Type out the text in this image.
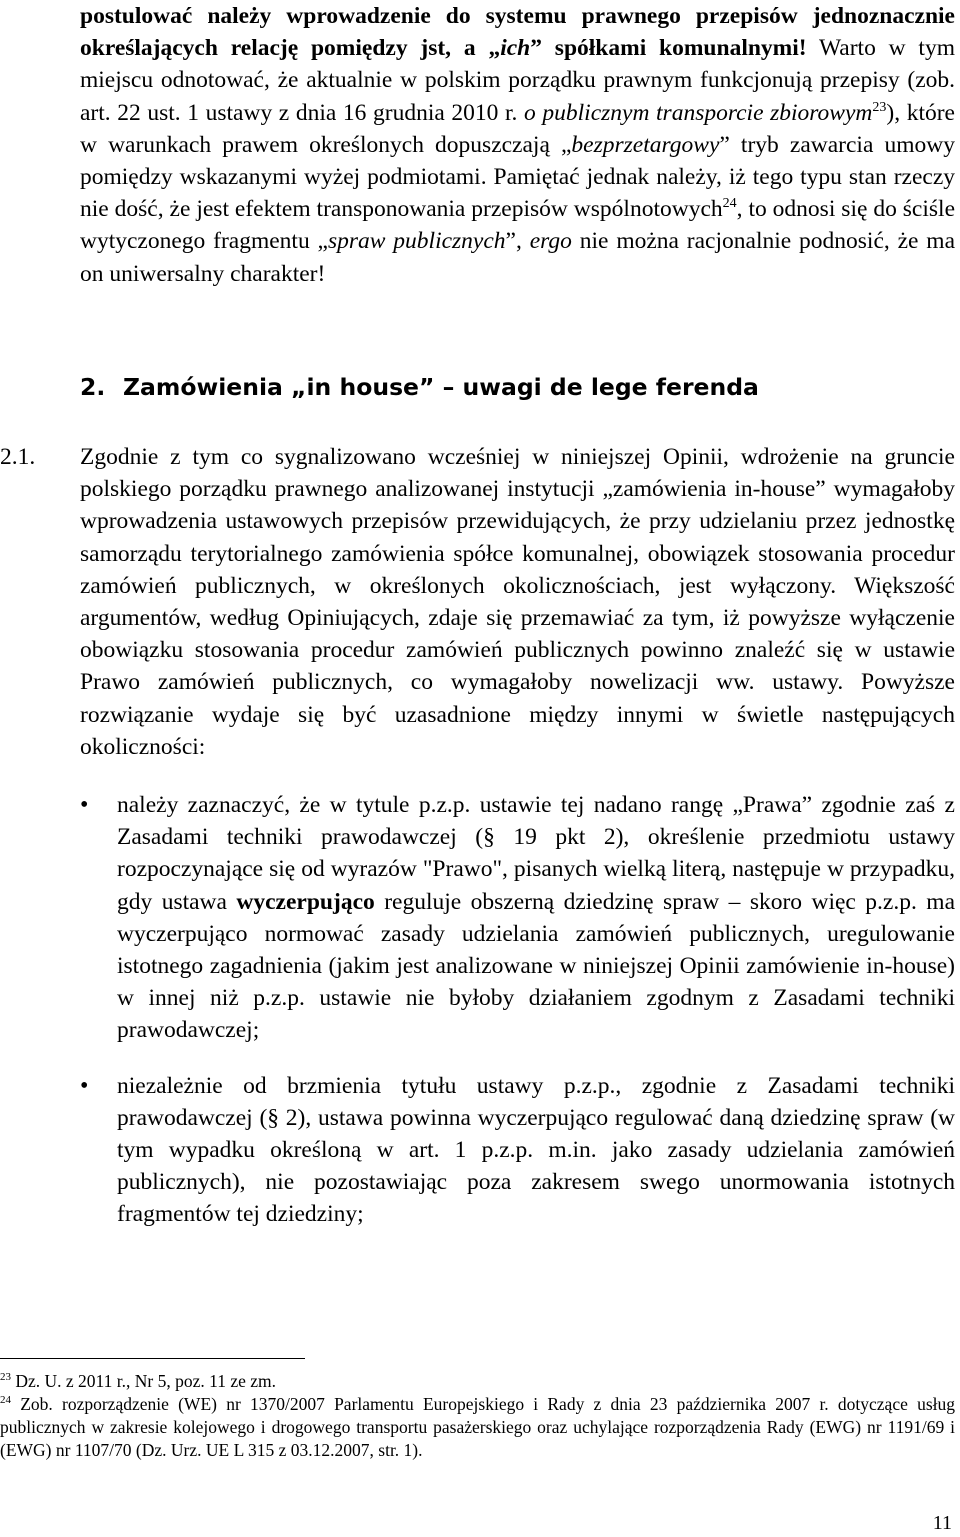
postulować należy wprowadzenie do systemu prawnego przepisów jednoznacznie określających relację pomiędzy jst, a „ich” spółkami komunalnymi! Warto w tym miejscu odnotować, że aktualnie w polskim porządku prawnym funkcjonują przepisy (zob. art. 22 ust. 1 ustawy z dnia 16 grudnia 2010 r. o publicznym transporcie zbiorowym$^{23}$), które w warunkach prawem określonych dopuszczają „bezprzetargowy” tryb zawarcia umowy pomiędzy wskazanymi wyżej podmiotami. Pamiętać jednak należy, iż tego typu stan rzeczy nie dość, że jest efektem transponowania przepisów wspólnotowych$^{24}$, to odnosi się do ściśle wytyczonego fragmentu „spraw publicznych”, ergo nie można racjonalnie podnosić, że ma on uniwersalny charakter!
2. Zamówienia „in house” – uwagi de lege ferenda
2.1. Zgodnie z tym co sygnalizowano wcześniej w niniejszej Opinii, wdrożenie na gruncie polskiego porządku prawnego analizowanej instytucji „zamówienia in-house” wymagałoby wprowadzenia ustawowych przepisów przewidujących, że przy udzielaniu przez jednostkę samorządu terytorialnego zamówienia spółce komunalnej, obowiązek stosowania procedur zamówień publicznych, w określonych okolicznościach, jest wyłączony. Większość argumentów, według Opiniujących, zdaje się przemawiać za tym, iż powyższe wyłączenie obowiązku stosowania procedur zamówień publicznych powinno znaleźć się w ustawie Prawo zamówień publicznych, co wymagałoby nowelizacji ww. ustawy. Powyższe rozwiązanie wydaje się być uzasadnione między innymi w świetle następujących okoliczności:
• należy zaznaczyć, że w tytule p.z.p. ustawie tej nadano rangę „Prawa” zgodnie zaś z Zasadami techniki prawodawczej (§ 19 pkt 2), określenie przedmiotu ustawy rozpoczynające się od wyrazów "Prawo", pisanych wielką literą, następuje w przypadku, gdy ustawa wyczerpująco reguluje obszerną dziedzinę spraw – skoro więc p.z.p. ma wyczerpująco normować zasady udzielania zamówień publicznych, uregulowanie istotnego zagadnienia (jakim jest analizowane w niniejszej Opinii zamówienie in-house) w innej niż p.z.p. ustawie nie byłoby działaniem zgodnym z Zasadami techniki prawodawczej;
• niezależnie od brzmienia tytułu ustawy p.z.p., zgodnie z Zasadami techniki prawodawczej (§ 2), ustawa powinna wyczerpująco regulować daną dziedzinę spraw (w tym wypadku określoną w art. 1 p.z.p. m.in. jako zasady udzielania zamówień publicznych), nie pozostawiając poza zakresem swego unormowania istotnych fragmentów tej dziedziny;

$^{23}$ Dz. U. z 2011 r., Nr 5, poz. 11 ze zm.

$^{24}$ Zob. rozporządzenie (WE) nr 1370/2007 Parlamentu Europejskiego i Rady z dnia 23 października 2007 r. dotyczące usług publicznych w zakresie kolejowego i drogowego transportu pasażerskiego oraz uchylające rozporządzenia Rady (EWG) nr 1191/69 i (EWG) nr 1107/70 (Dz. Urz. UE L 315 z 03.12.2007, str. 1).

11
